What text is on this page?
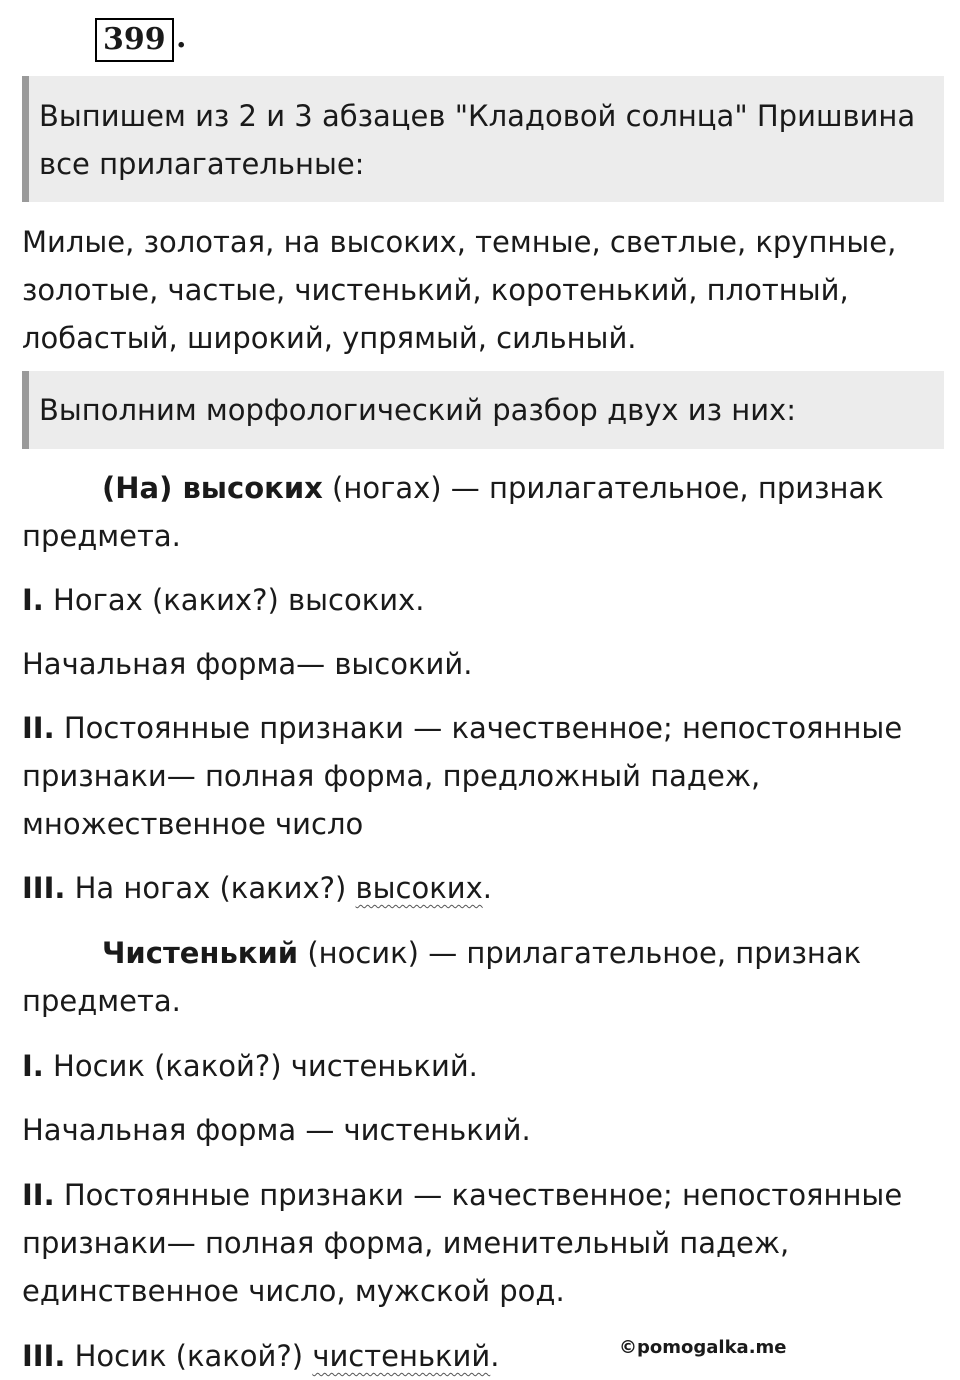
399 .
Выпишем из 2 и 3 абзацев "Кладовой солнца" Пришвина все прилагательные:

Милые, золотая, на высоких, темные, светлые, крупные, золотые, частые, чистенький, коротенький, плотный, лобастый, широкий, упрямый, сильный.

Выполним морфологический разбор двух из них:

(На) высоких (ногах) — прилагательное, признак предмета.

I. Ногах (каких?) высоких.

Начальная форма— высокий.

II. Постоянные признаки — качественное; непостоянные признаки— полная форма, предложный падеж, множественное число

III. На ногах (каких?) высоких.

Чистенький (носик) — прилагательное, признак предмета.

I. Носик (какой?) чистенький.

Начальная форма — чистенький.

II. Постоянные признаки — качественное; непостоянные признаки— полная форма, именительный падеж, единственное число, мужской род.

III. Носик (какой?) чистенький.	©pomogalka.me
